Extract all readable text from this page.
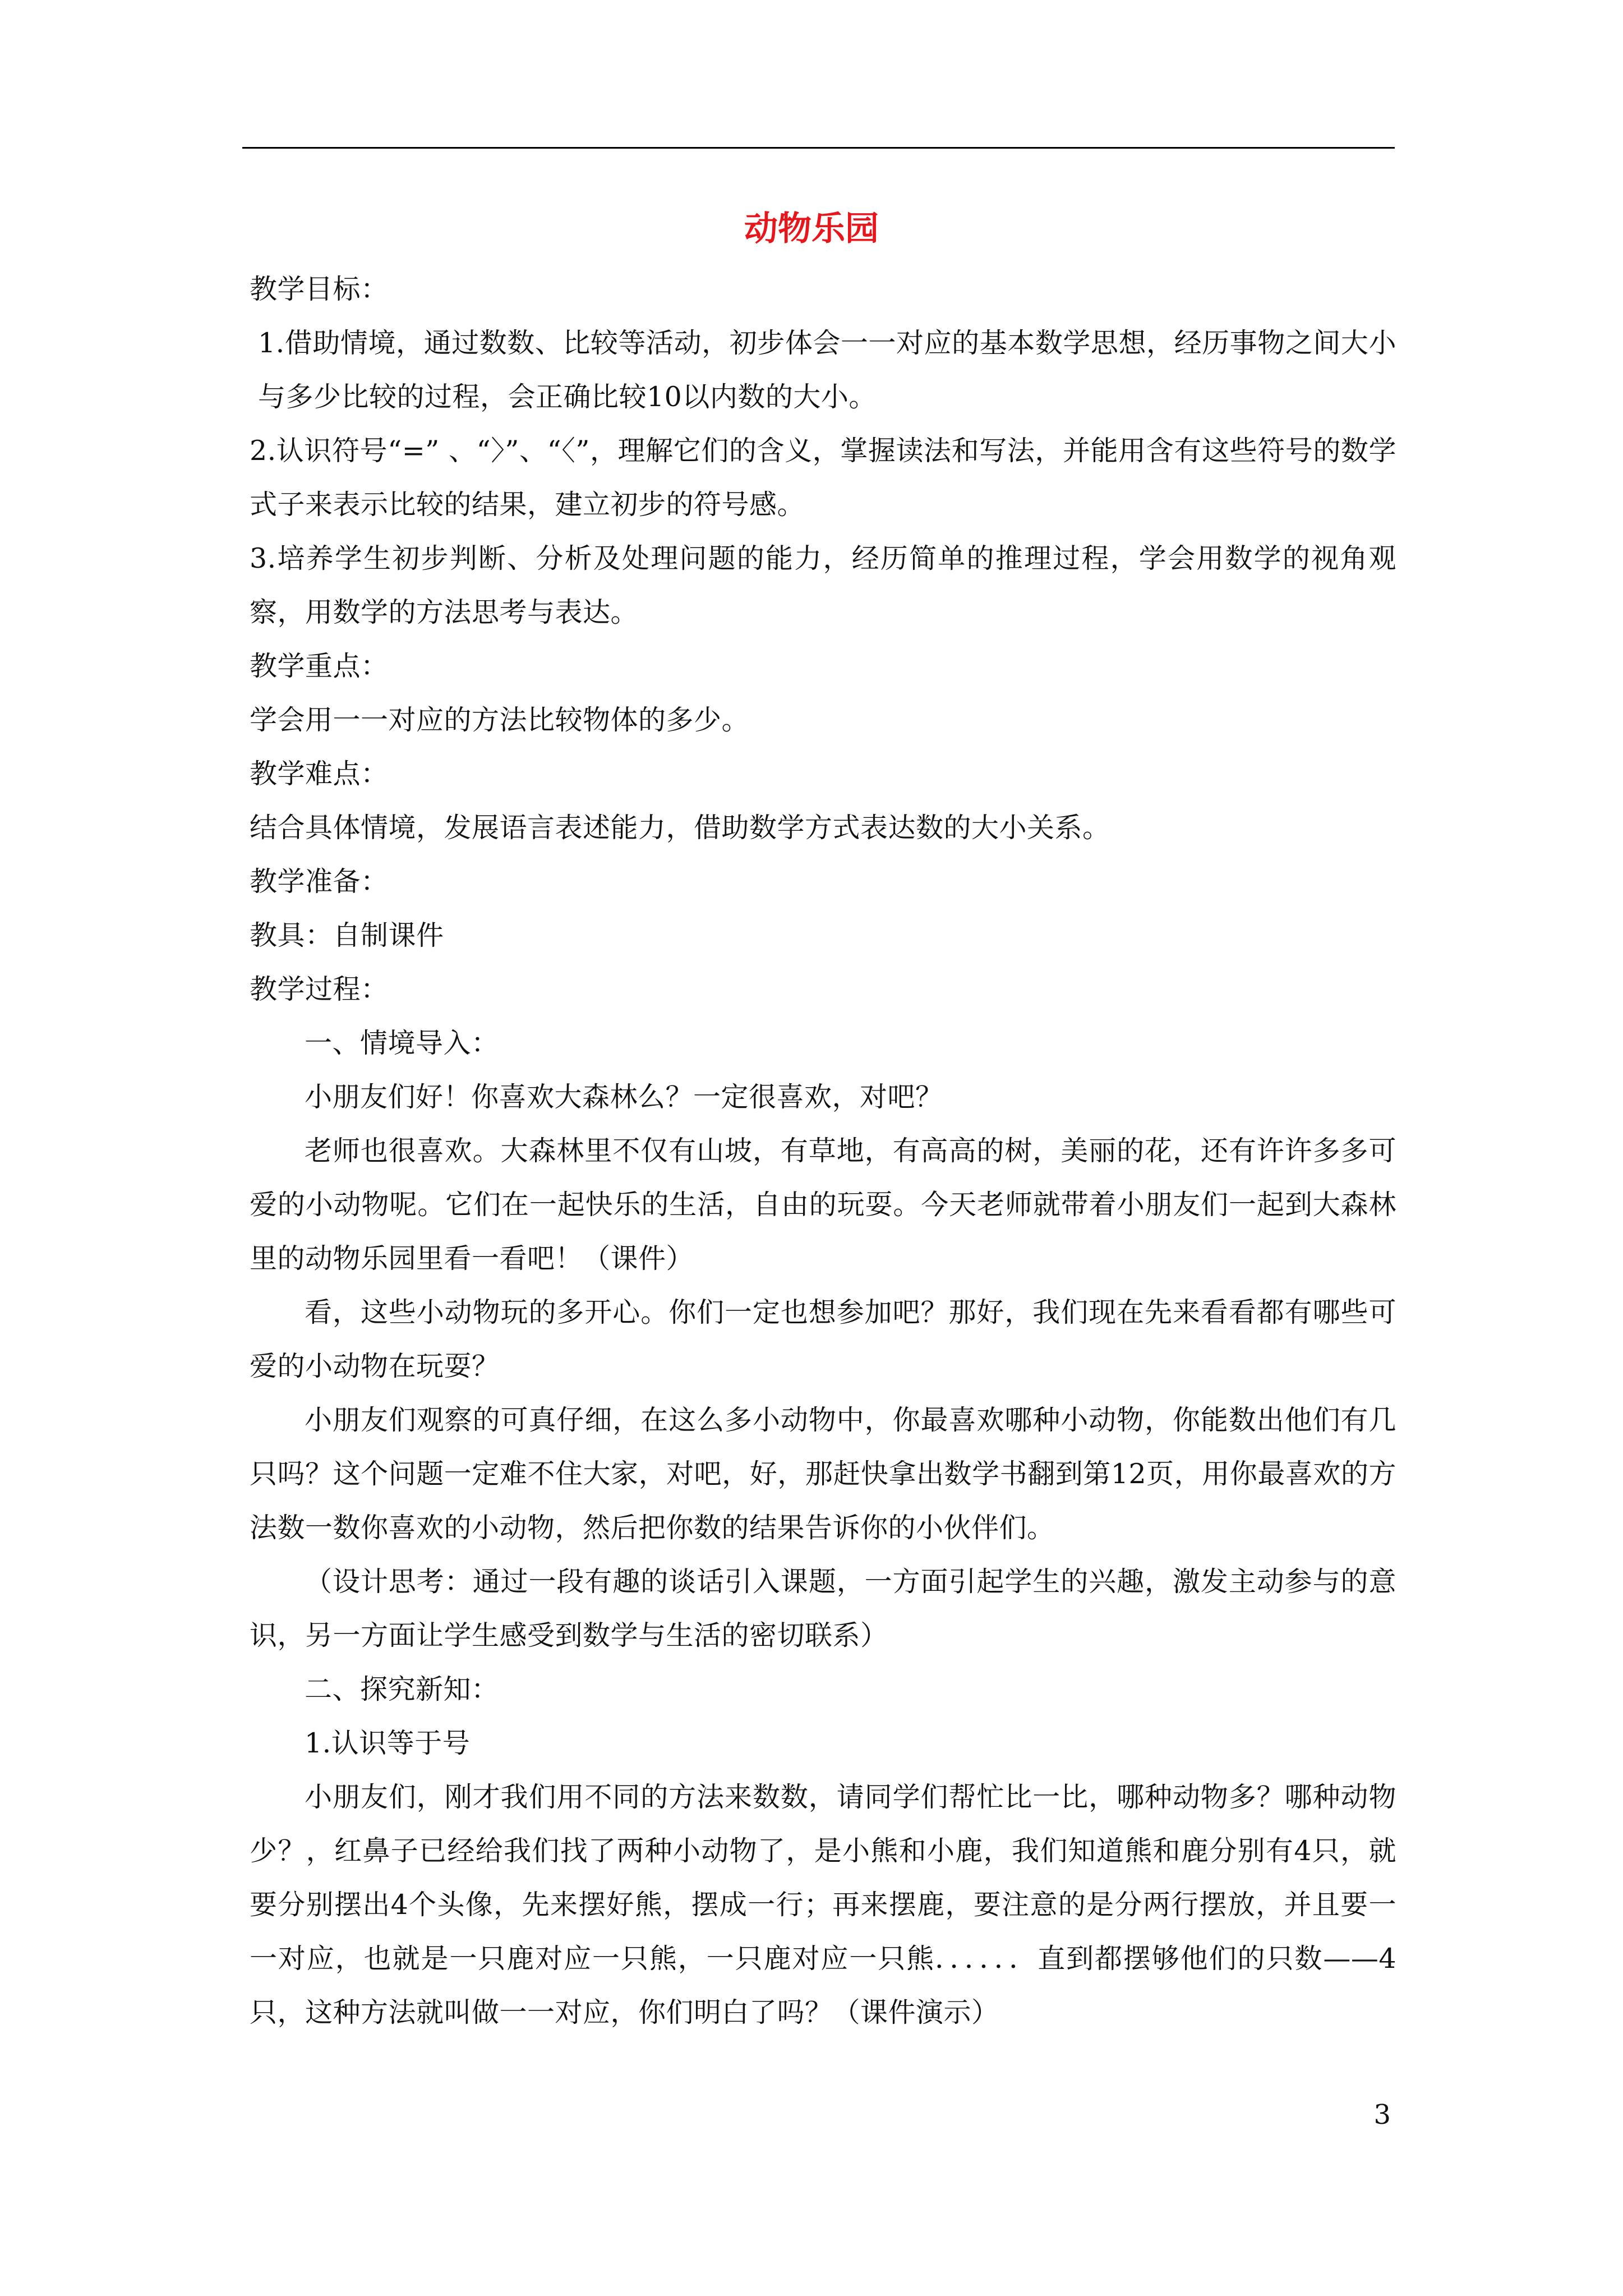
动物乐园

教学目标：

1.借助情境，通过数数、比较等活动，初步体会一一对应的基本数学思想，经历事物之间大小与多少比较的过程，会正确比较10以内数的大小。

2.认识符号“=” 、“〉”、“〈”，理解它们的含义，掌握读法和写法，并能用含有这些符号的数学式子来表示比较的结果，建立初步的符号感。

3.培养学生初步判断、分析及处理问题的能力，经历简单的推理过程，学会用数学的视角观察，用数学的方法思考与表达。

教学重点：

学会用一一对应的方法比较物体的多少。

教学难点：

结合具体情境，发展语言表述能力，借助数学方式表达数的大小关系。

教学准备：

教具：自制课件

教学过程：

一、情境导入：

小朋友们好！你喜欢大森林么？一定很喜欢，对吧？

老师也很喜欢。大森林里不仅有山坡，有草地，有高高的树，美丽的花，还有许许多多可爱的小动物呢。它们在一起快乐的生活，自由的玩耍。今天老师就带着小朋友们一起到大森林里的动物乐园里看一看吧！（课件）

看，这些小动物玩的多开心。你们一定也想参加吧？那好，我们现在先来看看都有哪些可爱的小动物在玩耍？

小朋友们观察的可真仔细，在这么多小动物中，你最喜欢哪种小动物，你能数出他们有几只吗？这个问题一定难不住大家，对吧，好，那赶快拿出数学书翻到第12页，用你最喜欢的方法数一数你喜欢的小动物，然后把你数的结果告诉你的小伙伴们。

（设计思考：通过一段有趣的谈话引入课题，一方面引起学生的兴趣，激发主动参与的意识，另一方面让学生感受到数学与生活的密切联系）

二、探究新知：

1.认识等于号

小朋友们，刚才我们用不同的方法来数数，请同学们帮忙比一比，哪种动物多？哪种动物少？，红鼻子已经给我们找了两种小动物了，是小熊和小鹿，我们知道熊和鹿分别有4只，就要分别摆出4个头像，先来摆好熊，摆成一行；再来摆鹿，要注意的是分两行摆放，并且要一一对应，也就是一只鹿对应一只熊，一只鹿对应一只熊．．．．．．直到都摆够他们的只数——4只，这种方法就叫做一一对应，你们明白了吗？（课件演示）

3
